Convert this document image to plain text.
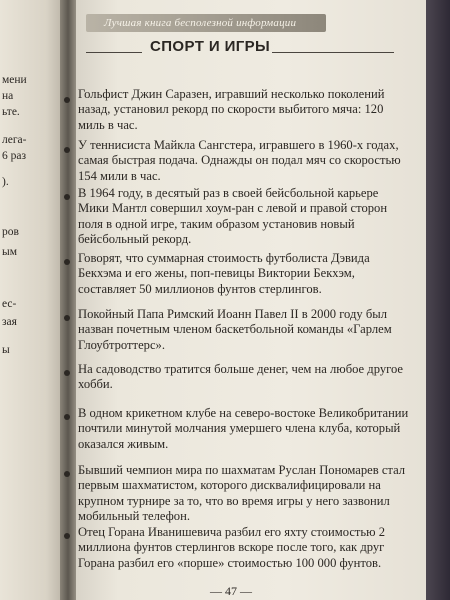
мени
на
ьте.
лега-
6 раз
).
ров
ым
ес-
зая
ы
Лучшая книга бесполезной информации
СПОРТ И ИГРЫ
Гольфист Джин Саразен, игравший несколько поколений назад, установил рекорд по скорости выбитого мяча: 120 миль в час.
У теннисиста Майкла Сангстера, игравшего в 1960-х годах, самая быстрая подача. Однажды он подал мяч со скоростью 154 мили в час.
В 1964 году, в десятый раз в своей бейсбольной карьере Мики Мантл совершил хоум-ран с левой и правой сторон поля в одной игре, таким образом установив новый бейсбольный рекорд.
Говорят, что суммарная стоимость футболиста Дэвида Бекхэма и его жены, поп-певицы Виктории Бекхэм, составляет 50 миллионов фунтов стерлингов.
Покойный Папа Римский Иоанн Павел II в 2000 году был назван почетным членом баскетбольной команды «Гарлем Глоубтроттерс».
На садоводство тратится больше денег, чем на любое другое хобби.
В одном крикетном клубе на северо-востоке Великобритании почтили минутой молчания умершего члена клуба, который оказался живым.
Бывший чемпион мира по шахматам Руслан Пономарев стал первым шахматистом, которого дисквалифицировали на крупном турнире за то, что во время игры у него зазвонил мобильный телефон.
Отец Горана Иванишевича разбил его яхту стоимостью 2 миллиона фунтов стерлингов вскоре после того, как друг Горана разбил его «порше» стоимостью 100 000 фунтов.
— 47 —
